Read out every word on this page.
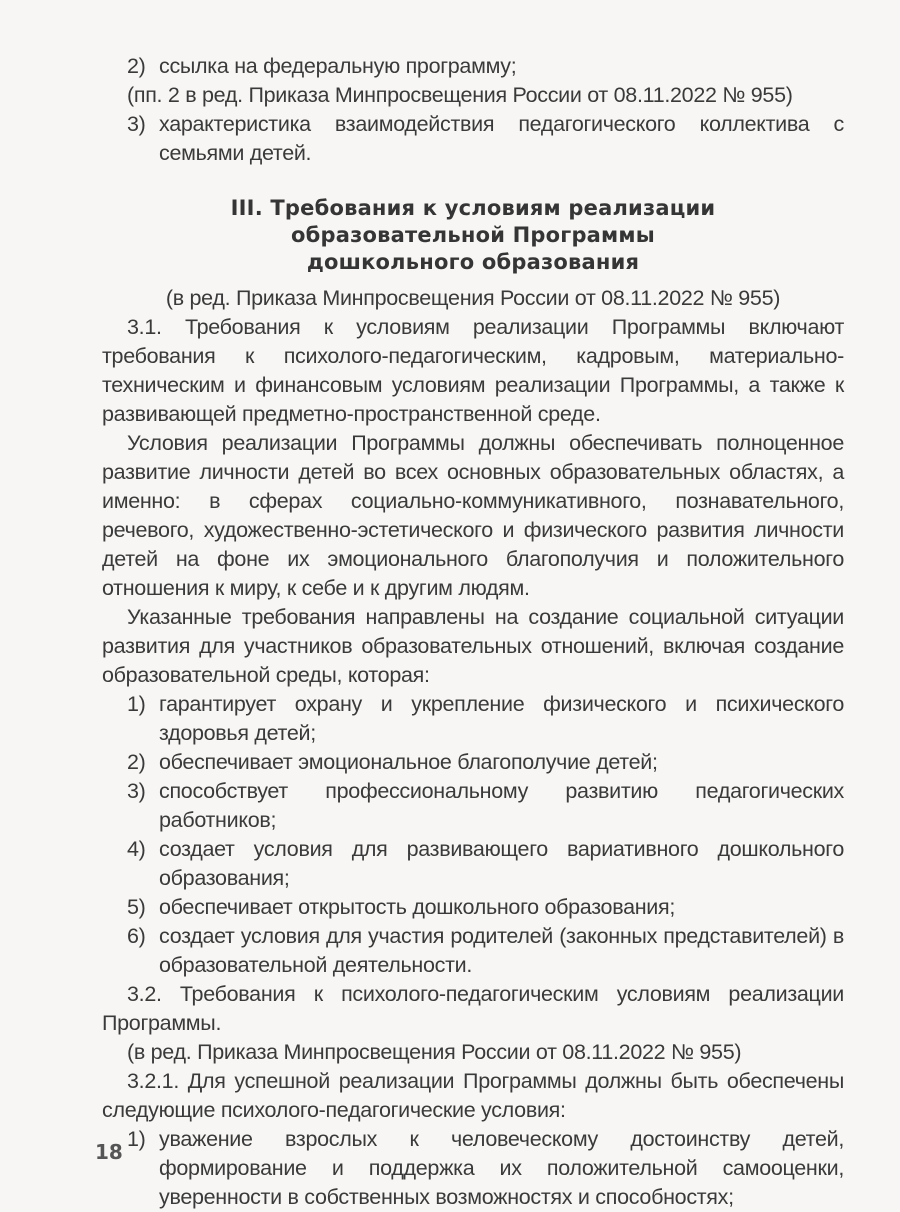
2) ссылка на федеральную программу;

(пп. 2 в ред. Приказа Минпросвещения России от 08.11.2022 № 955)

3) характеристика взаимодействия педагогического коллектива с семьями детей.
III. Требования к условиям реализации
образовательной Программы
дошкольного образования

(в ред. Приказа Минпросвещения России от 08.11.2022 № 955)

3.1. Требования к условиям реализации Программы включают требования к психолого-педагогическим, кадровым, материально-техническим и финансовым условиям реализации Программы, а также к развивающей предметно-пространственной среде.

Условия реализации Программы должны обеспечивать полноценное развитие личности детей во всех основных образовательных областях, а именно: в сферах социально-коммуникативного, познавательного, речевого, художественно-эстетического и физического развития личности детей на фоне их эмоционального благополучия и положительного отношения к миру, к себе и к другим людям.

Указанные требования направлены на создание социальной ситуации развития для участников образовательных отношений, включая создание образовательной среды, которая:

1) гарантирует охрану и укрепление физического и психического здоровья детей;
2) обеспечивает эмоциональное благополучие детей;
3) способствует профессиональному развитию педагогических работников;
4) создает условия для развивающего вариативного дошкольного образования;
5) обеспечивает открытость дошкольного образования;
6) создает условия для участия родителей (законных представителей) в образовательной деятельности.

3.2. Требования к психолого-педагогическим условиям реализации Программы.

(в ред. Приказа Минпросвещения России от 08.11.2022 № 955)

3.2.1. Для успешной реализации Программы должны быть обеспечены следующие психолого-педагогические условия:

1) уважение взрослых к человеческому достоинству детей, формирование и поддержка их положительной самооценки, уверенности в собственных возможностях и способностях;
18
